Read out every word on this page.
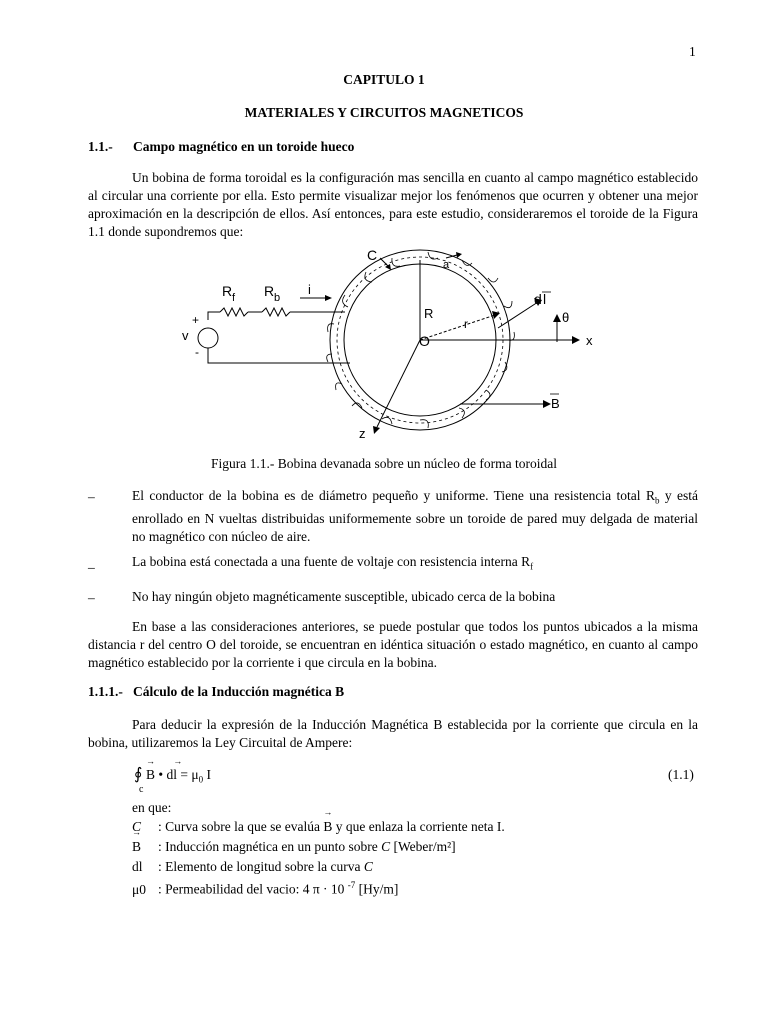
1
CAPITULO 1
MATERIALES Y CIRCUITOS MAGNETICOS
1.1.- Campo magnético en un toroide hueco
Un bobina de forma toroidal es la configuración mas sencilla en cuanto al campo magnético establecido al circular una corriente por ella. Esto permite visualizar mejor los fenómenos que ocurren y obtener una mejor aproximación en la descripción de ellos. Así entonces, para este estudio, consideraremos el toroide de la Figura 1.1 donde supondremos que:
C
a
R f R b
i
d l
+
v
-
R
r
O
θ
x
B
z
Figura 1.1.- Bobina devanada sobre un núcleo de forma toroidal
–	El conductor de la bobina es de diámetro pequeño y uniforme. Tiene una resistencia total $R_b$ y está enrollado en N vueltas distribuidas uniformemente sobre un toroide de pared muy delgada de material no magnético con núcleo de aire.
_	La bobina está conectada a una fuente de voltaje con resistencia interna $R_f$
–	No hay ningún objeto magnéticamente susceptible, ubicado cerca de la bobina
En base a las consideraciones anteriores, se puede postular que todos los puntos ubicados a la misma distancia r del centro O del toroide, se encuentran en idéntica situación o estado magnético, en cuanto al campo magnético establecido por la corriente i que circula en la bobina.
1.1.1.- Cálculo de la Inducción magnética B
Para deducir la expresión de la Inducción Magnética B establecida por la corriente que circula en la bobina, utilizaremos la Ley Circuital de Ampere:
∮
c
→ B • $d\to l = \mu_0$ I	(1.1)
en que:
C : Curva sobre la que se evalúa → B y que enlaza la corriente neta I.
→ B : Inducción magnética en un punto sobre C [Weber/m²]
dl : Elemento de longitud sobre la curva C
μ0 : Permeabilidad del vacio: 4 π · 10 $^{-7}$ [Hy/m]
